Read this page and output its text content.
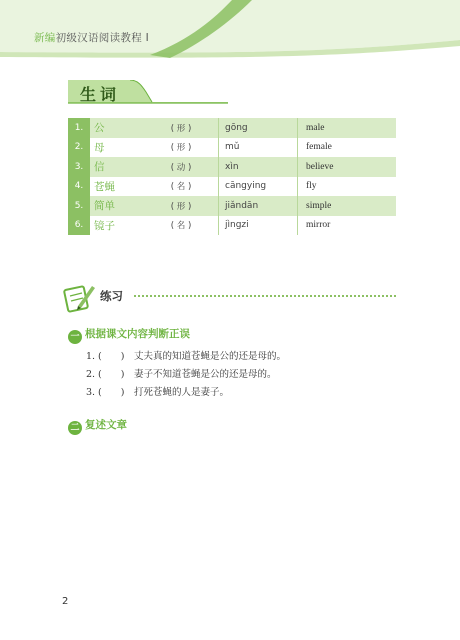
新编初级汉语阅读教程 I
生词
1.	公	( 形 )	gōng	male
2.	母	( 形 )	mǔ	female
3.	信	( 动 )	xìn	believe
4.	苍蝇	( 名 )	cāngying	fly
5.	简单	( 形 )	jiǎndān	simple
6.	镜子	( 名 )	jìngzi	mirror
练习
一 根据课文内容判断正误
1. (　　) 丈夫真的知道苍蝇是公的还是母的。
2. (　　) 妻子不知道苍蝇是公的还是母的。
3. (　　) 打死苍蝇的人是妻子。
二 复述文章
2
